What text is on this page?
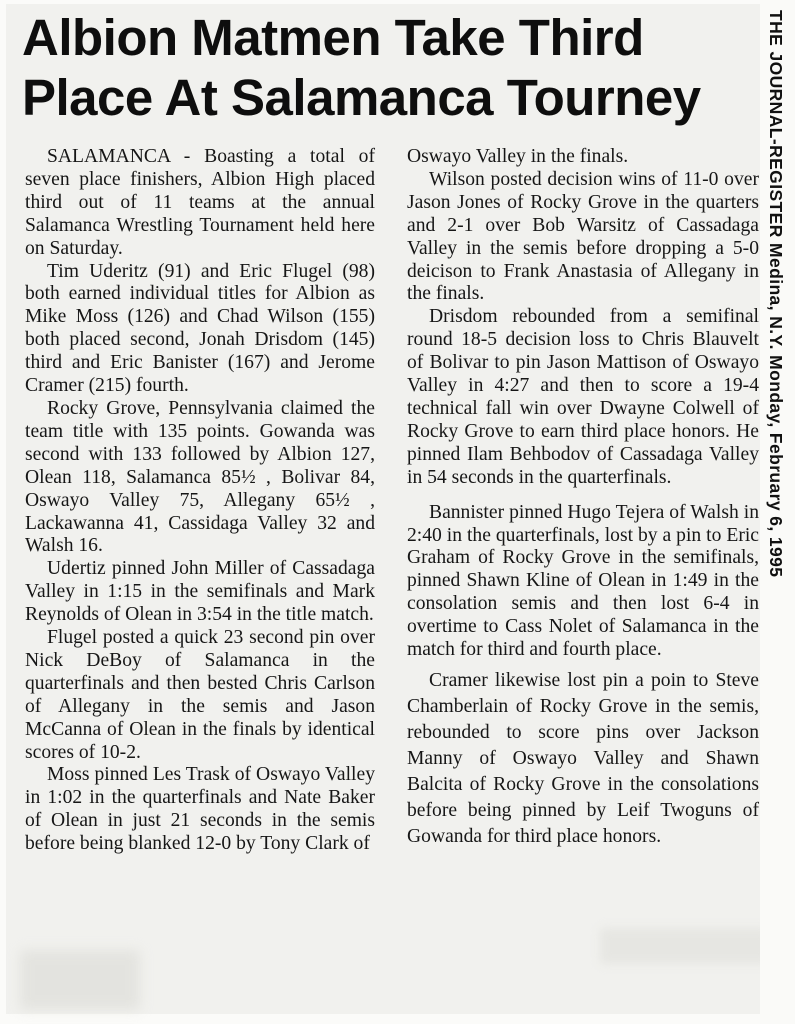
Albion Matmen Take Third
Place At Salamanca Tourney

SALAMANCA - Boasting a total of seven place finishers, Albion High placed third out of 11 teams at the annual Salamanca Wrestling Tournament held here on Saturday.

Tim Uderitz (91) and Eric Flugel (98) both earned individual titles for Albion as Mike Moss (126) and Chad Wilson (155) both placed second, Jonah Drisdom (145) third and Eric Banister (167) and Jerome Cramer (215) fourth.

Rocky Grove, Pennsylvania claimed the team title with 135 points. Gowanda was second with 133 followed by Albion 127, Olean 118, Salamanca 85½ , Bolivar 84, Oswayo Valley 75, Allegany 65½ , Lackawanna 41, Cassidaga Valley 32 and Walsh 16.

Udertiz pinned John Miller of Cassadaga Valley in 1:15 in the semifinals and Mark Reynolds of Olean in 3:54 in the title match.

Flugel posted a quick 23 second pin over Nick DeBoy of Salamanca in the quarterfinals and then bested Chris Carlson of Allegany in the semis and Jason McCanna of Olean in the finals by identical scores of 10-2.

Moss pinned Les Trask of Oswayo Valley in 1:02 in the quarterfinals and Nate Baker of Olean in just 21 seconds in the semis before being blanked 12-0 by Tony Clark of

Oswayo Valley in the finals.

Wilson posted decision wins of 11-0 over Jason Jones of Rocky Grove in the quarters and 2-1 over Bob Warsitz of Cassadaga Valley in the semis before dropping a 5-0 deicison to Frank Anastasia of Allegany in the finals.

Drisdom rebounded from a semifinal round 18-5 decision loss to Chris Blauvelt of Bolivar to pin Jason Mattison of Oswayo Valley in 4:27 and then to score a 19-4 technical fall win over Dwayne Colwell of Rocky Grove to earn third place honors. He pinned Ilam Behbodov of Cassadaga Valley in 54 seconds in the quarterfinals.

Bannister pinned Hugo Tejera of Walsh in 2:40 in the quarterfinals, lost by a pin to Eric Graham of Rocky Grove in the semifinals, pinned Shawn Kline of Olean in 1:49 in the consolation semis and then lost 6-4 in overtime to Cass Nolet of Salamanca in the match for third and fourth place.

Cramer likewise lost pin a poin to Steve Chamberlain of Rocky Grove in the semis, rebounded to score pins over Jackson Manny of Oswayo Valley and Shawn Balcita of Rocky Grove in the consolations before being pinned by Leif Twoguns of Gowanda for third place honors.

THE JOURNAL-REGISTER Medina, N.Y. Monday, February 6, 1995
